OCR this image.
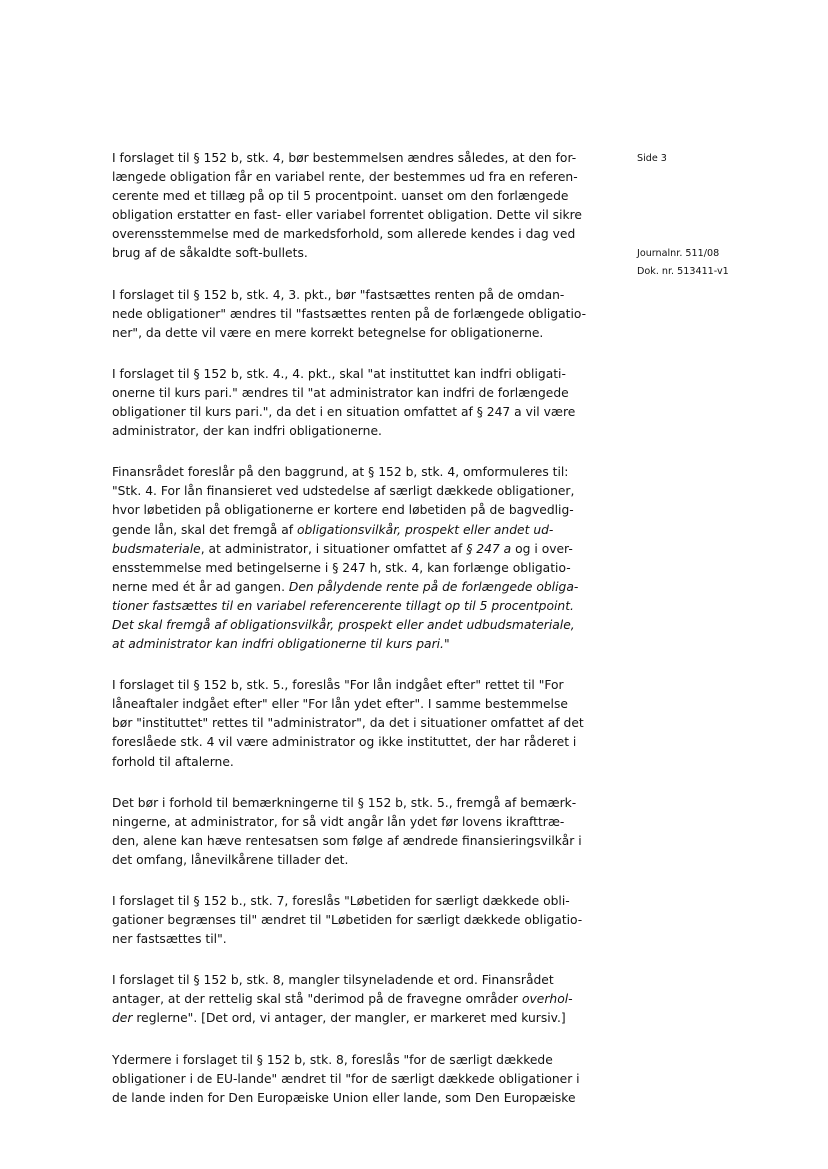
Side 3
Journalnr. 511/08
Dok. nr. 513411-v1
I forslaget til § 152 b, stk. 4, bør bestemmelsen ændres således, at den for-
længede obligation får en variabel rente, der bestemmes ud fra en referen-
cerente med et tillæg på op til 5 procentpoint. uanset om den forlængede
obligation erstatter en fast- eller variabel forrentet obligation. Dette vil sikre
overensstemmelse med de markedsforhold, som allerede kendes i dag ved
brug af de såkaldte soft-bullets.
I forslaget til § 152 b, stk. 4, 3. pkt., bør "fastsættes renten på de omdan-
nede obligationer" ændres til "fastsættes renten på de forlængede obligatio-
ner", da dette vil være en mere korrekt betegnelse for obligationerne.
I forslaget til § 152 b, stk. 4., 4. pkt., skal "at instituttet kan indfri obligati-
onerne til kurs pari." ændres til "at administrator kan indfri de forlængede
obligationer til kurs pari.", da det i en situation omfattet af § 247 a vil være
administrator, der kan indfri obligationerne.
Finansrådet foreslår på den baggrund, at § 152 b, stk. 4, omformuleres til:
"Stk. 4. For lån finansieret ved udstedelse af særligt dækkede obligationer,
hvor løbetiden på obligationerne er kortere end løbetiden på de bagvedlig-
gende lån, skal det fremgå af obligationsvilkår, prospekt eller andet ud-
budsmateriale, at administrator, i situationer omfattet af § 247 a og i over-
ensstemmelse med betingelserne i § 247 h, stk. 4, kan forlænge obligatio-
nerne med ét år ad gangen. Den pålydende rente på de forlængede obliga-
tioner fastsættes til en variabel referencerente tillagt op til 5 procentpoint.
Det skal fremgå af obligationsvilkår, prospekt eller andet udbudsmateriale,
at administrator kan indfri obligationerne til kurs pari."
I forslaget til § 152 b, stk. 5., foreslås "For lån indgået efter" rettet til "For
låneaftaler indgået efter" eller "For lån ydet efter". I samme bestemmelse
bør "instituttet" rettes til "administrator", da det i situationer omfattet af det
foreslåede stk. 4 vil være administrator og ikke instituttet, der har råderet i
forhold til aftalerne.
Det bør i forhold til bemærkningerne til § 152 b, stk. 5., fremgå af bemærk-
ningerne, at administrator, for så vidt angår lån ydet før lovens ikrafttræ-
den, alene kan hæve rentesatsen som følge af ændrede finansieringsvilkår i
det omfang, lånevilkårene tillader det.
I forslaget til § 152 b., stk. 7, foreslås "Løbetiden for særligt dækkede obli-
gationer begrænses til" ændret til "Løbetiden for særligt dækkede obligatio-
ner fastsættes til".
I forslaget til § 152 b, stk. 8, mangler tilsyneladende et ord. Finansrådet
antager, at der rettelig skal stå "derimod på de fravegne områder overhol-
der reglerne". [Det ord, vi antager, der mangler, er markeret med kursiv.]
Ydermere i forslaget til § 152 b, stk. 8, foreslås "for de særligt dækkede
obligationer i de EU-lande" ændret til "for de særligt dækkede obligationer i
de lande inden for Den Europæiske Union eller lande, som Den Europæiske
